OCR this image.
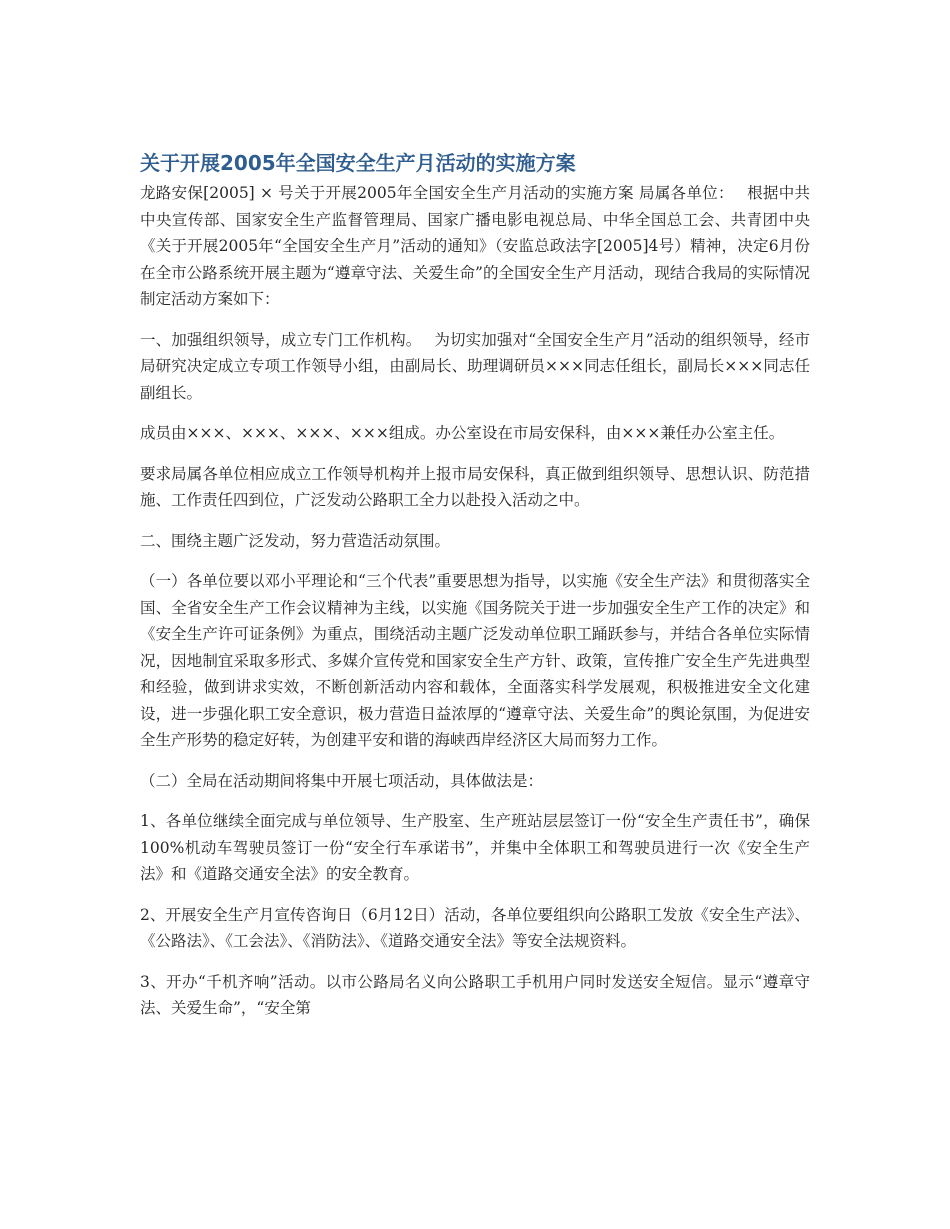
关于开展2005年全国安全生产月活动的实施方案

龙路安保[2005] × 号关于开展2005年全国安全生产月活动的实施方案 局属各单位：　 根据中共中央宣传部、国家安全生产监督管理局、国家广播电影电视总局、中华全国总工会、共青团中央《关于开展2005年“全国安全生产月”活动的通知》（安监总政法字[2005]4号）精神，决定6月份在全市公路系统开展主题为“遵章守法、关爱生命”的全国安全生产月活动，现结合我局的实际情况制定活动方案如下：

一、加强组织领导，成立专门工作机构。　 为切实加强对“全国安全生产月”活动的组织领导，经市局研究决定成立专项工作领导小组，由副局长、助理调研员×××同志任组长，副局长×××同志任副组长。

成员由×××、×××、×××、×××组成。办公室设在市局安保科，由×××兼任办公室主任。

要求局属各单位相应成立工作领导机构并上报市局安保科，真正做到组织领导、思想认识、防范措施、工作责任四到位，广泛发动公路职工全力以赴投入活动之中。

二、围绕主题广泛发动，努力营造活动氛围。

（一）各单位要以邓小平理论和“三个代表”重要思想为指导，以实施《安全生产法》和贯彻落实全国、全省安全生产工作会议精神为主线，以实施《国务院关于进一步加强安全生产工作的决定》和《安全生产许可证条例》为重点，围绕活动主题广泛发动单位职工踊跃参与，并结合各单位实际情况，因地制宜采取多形式、多媒介宣传党和国家安全生产方针、政策，宣传推广安全生产先进典型和经验，做到讲求实效，不断创新活动内容和载体，全面落实科学发展观，积极推进安全文化建设，进一步强化职工安全意识，极力营造日益浓厚的“遵章守法、关爱生命”的舆论氛围，为促进安全生产形势的稳定好转，为创建平安和谐的海峡西岸经济区大局而努力工作。

（二）全局在活动期间将集中开展七项活动，具体做法是：

1、各单位继续全面完成与单位领导、生产股室、生产班站层层签订一份“安全生产责任书”，确保100%机动车驾驶员签订一份“安全行车承诺书”，并集中全体职工和驾驶员进行一次《安全生产法》和《道路交通安全法》的安全教育。

2、开展安全生产月宣传咨询日（6月12日）活动，各单位要组织向公路职工发放《安全生产法》、《公路法》、《工会法》、《消防法》、《道路交通安全法》等安全法规资料。

3、开办“千机齐响”活动。以市公路局名义向公路职工手机用户同时发送安全短信。显示“遵章守法、关爱生命”，“安全第
